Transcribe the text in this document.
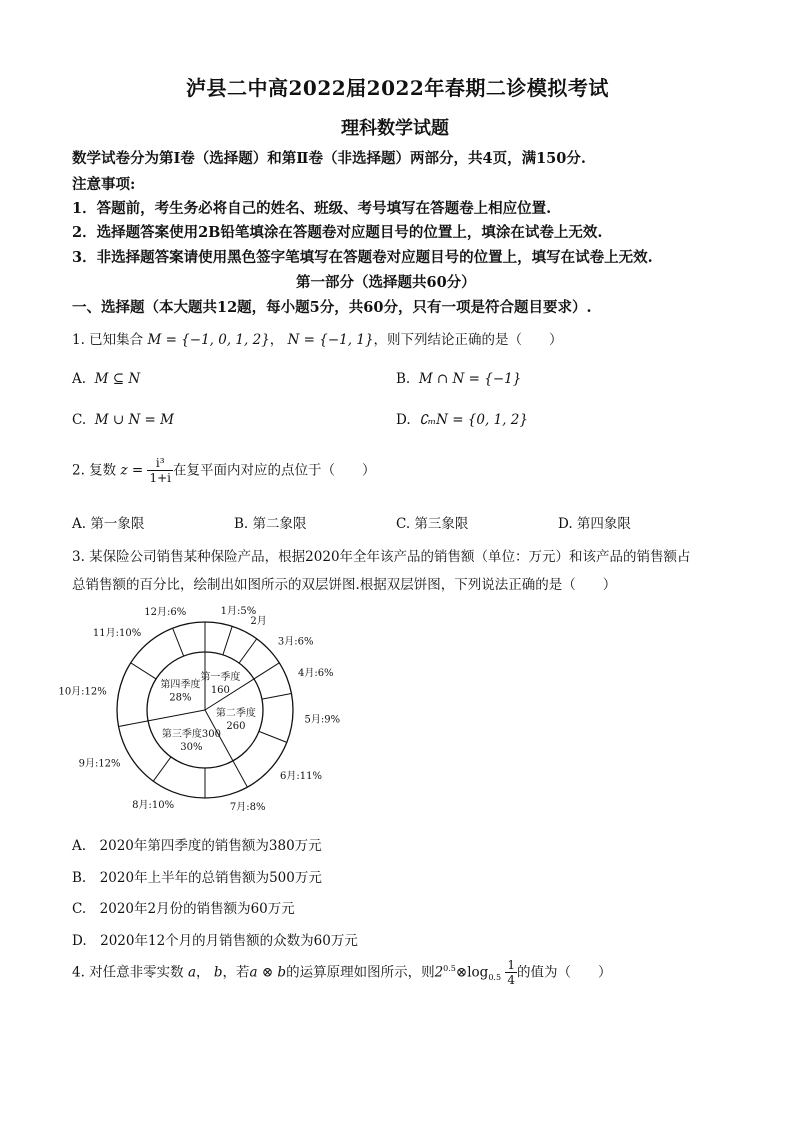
泸县二中高2022届2022年春期二诊模拟考试
理科数学试题
数学试卷分为第Ⅰ卷（选择题）和第Ⅱ卷（非选择题）两部分，共4页，满150分.
注意事项:
1．答题前，考生务必将自己的姓名、班级、考号填写在答题卷上相应位置.
2．选择题答案使用2B铅笔填涂在答题卷对应题目号的位置上，填涂在试卷上无效.
3．非选择题答案请使用黑色签字笔填写在答题卷对应题目号的位置上，填写在试卷上无效.
第一部分（选择题共60分）
一、选择题（本大题共12题，每小题5分，共60分，只有一项是符合题目要求）.
1. 已知集合 M = {−1, 0, 1, 2}， N = {−1, 1}，则下列结论正确的是（　　）
A. M ⊆ N	B. M ∩ N = {−1}
C. M ∪ N = M	D. ∁ₘN = {0, 1, 2}
2. 复数 $z = \frac{\text{i³}}{1+i}$ 在复平面内对应的点位于（　　）
A. 第一象限	B. 第二象限	C. 第三象限	D. 第四象限
3. 某保险公司销售某种保险产品，根据2020年全年该产品的销售额（单位：万元）和该产品的销售额占
总销售额的百分比，绘制出如图所示的双层饼图.根据双层饼图，下列说法正确的是（　　）
1月:5%
2月
3月:6%
4月:6%
5月:9%
6月:11%
7月:8%
8月:10%
9月:12%
10月:12%
11月:10%
12月:6%
第一季度
160
第二季度
260
第三季度300
30%
第四季度
28%
A.　2020年第四季度的销售额为380万元
B.　2020年上半年的总销售额为500万元
C.　2020年2月份的销售额为60万元
D.　2020年12个月的月销售额的众数为60万元
4. 对任意非零实数 a， b，若a ⊗ b的运算原理如图所示，则$2^{0.5}\otimes\log_{0.5} \frac{1}{4}$ 的值为（　　）
